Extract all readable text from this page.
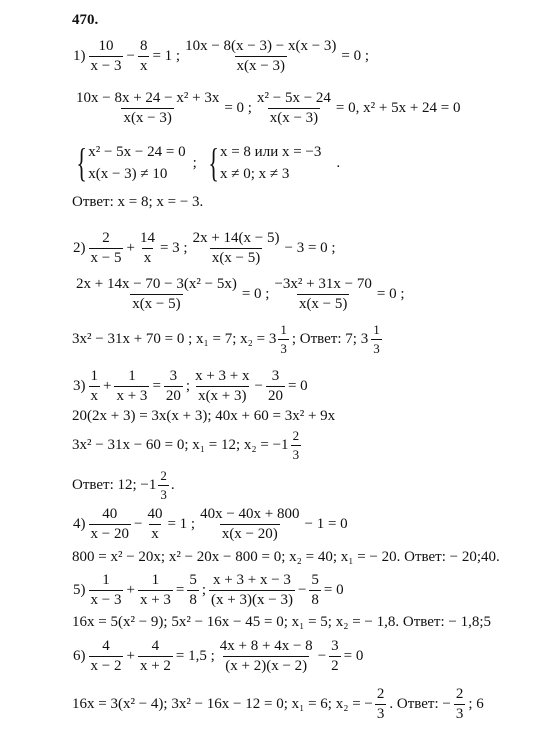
470.
$1) \frac{10}{x - 3} - \frac{8}{x} = 1$ ; $\frac{10x - 8(x - 3) - x(x - 3)}{x(x - 3)} = 0$ ;
$\frac{\text{10x − 8x + 24 − x² + 3x}}{x(x - 3)} = 0$ ; $\frac{\text{x² − 5x − 24}}{x(x - 3)} = 0$, x² + 5x + 24 = 0
{ x² − 5x − 24 = 0
x(x − 3) ≠ 10
; { x = 8 или x = −3
x ≠ 0; x ≠ 3
.
Ответ: x = 8; x = − 3.
$2) \frac{2}{x - 5} + \frac{14}{x} = 3$ ; $\frac{2x + 14(x - 5)}{x(x - 5)} - 3 = 0$ ;
$\frac{\text{2x + 14x − 70 − 3(x² − 5x)}}{x(x - 5)} = 0$ ; $\frac{\text{−3x² + 31x − 70}}{x(x - 5)} = 0$ ;
3x² − 31x + 70 = 0 ; x₁ = 7; $x_2 = 3 \frac{1}{3}$ ; Ответ: 7; $3 \frac{1}{3}$
$3) \frac{1}{x} + \frac{1}{x + 3} = \frac{3}{20}$ ; $\frac{x + 3 + x}{x(x + 3)} - \frac{3}{20} = 0$
20(2x + 3) = 3x(x + 3); 40x + 60 = 3x² + 9x
3x² − 31x − 60 = 0; x₁ = 12; $x_2 = -1 \frac{2}{3}$
Ответ: 12; $-1 \frac{2}{3}$ .
$4) \frac{40}{x - 20} - \frac{40}{x} = 1$ ; $\frac{40x - 40x + 800}{x(x - 20)} - 1 = 0$
800 = x² − 20x; x² − 20x − 800 = 0; x₂ = 40; x₁ = − 20. Ответ: − 20;40.
$5) \frac{1}{x - 3} + \frac{1}{x + 3} = \frac{5}{8}$ ; $\frac{x + 3 + x - 3}{(x + 3)(x - 3)} - \frac{5}{8} = 0$
16x = 5(x² − 9); 5x² − 16x − 45 = 0; x₁ = 5; x₂ = − 1,8. Ответ: − 1,8;5
$6) \frac{4}{x - 2} + \frac{4}{x + 2} = 1,5$ ; $\frac{4x + 8 + 4x - 8}{(x + 2)(x - 2)} - \frac{3}{2} = 0$
16x = 3(x² − 4); 3x² − 16x − 12 = 0; x₁ = 6; x₂ = − $\frac{2}{3}$ . Ответ: − $\frac{2}{3}$ ; 6
